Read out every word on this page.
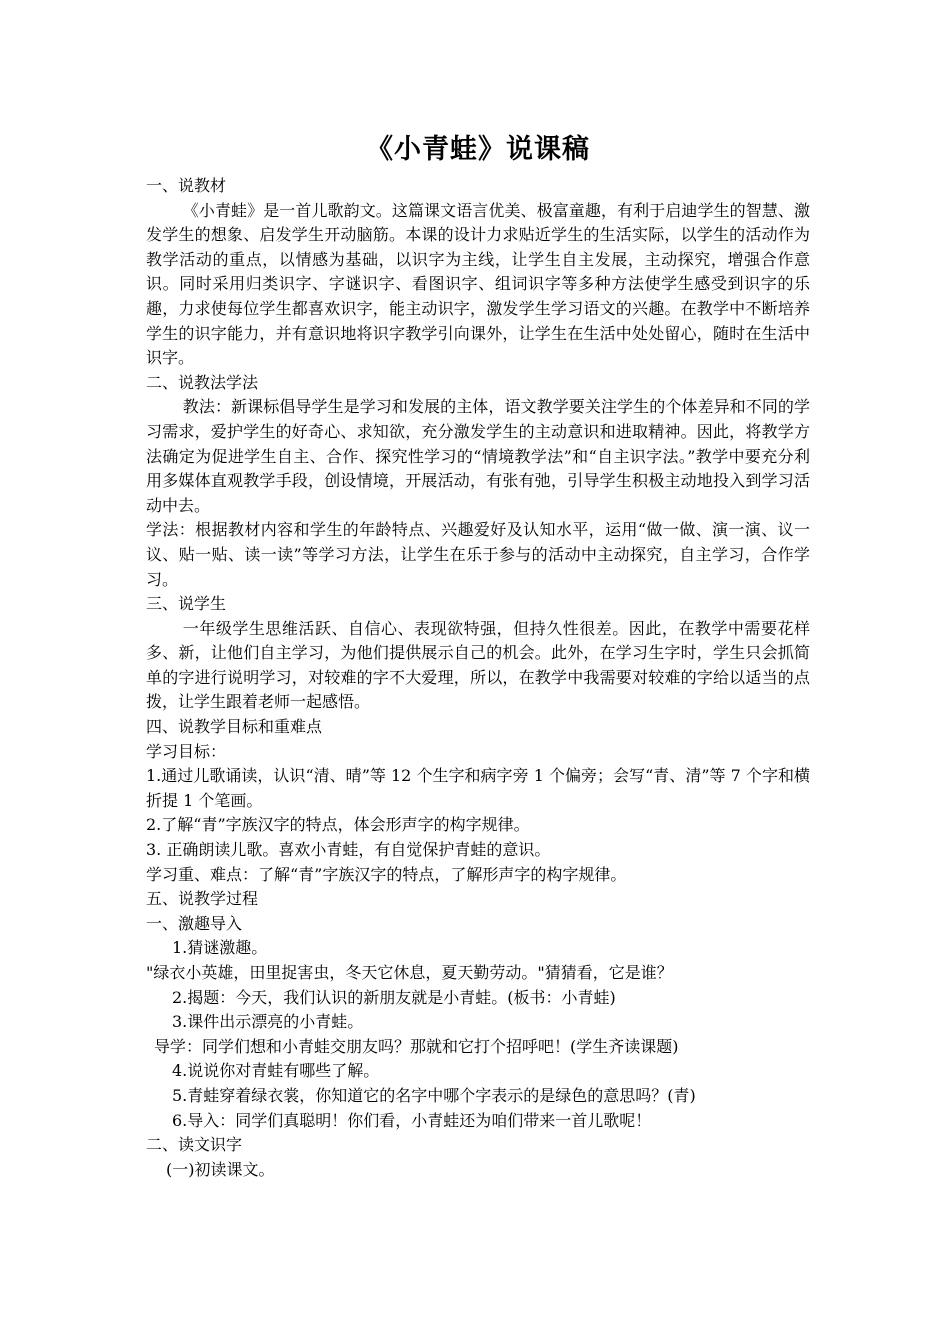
《小青蛙》说课稿

一、说教材

《小青蛙》是一首儿歌韵文。这篇课文语言优美、极富童趣，有利于启迪学生的智慧、激发学生的想象、启发学生开动脑筋。本课的设计力求贴近学生的生活实际，以学生的活动作为教学活动的重点，以情感为基础，以识字为主线，让学生自主发展，主动探究，增强合作意识。同时采用归类识字、字谜识字、看图识字、组词识字等多种方法使学生感受到识字的乐趣，力求使每位学生都喜欢识字，能主动识字，激发学生学习语文的兴趣。在教学中不断培养学生的识字能力，并有意识地将识字教学引向课外，让学生在生活中处处留心，随时在生活中识字。

二、说教法学法

教法：新课标倡导学生是学习和发展的主体，语文教学要关注学生的个体差异和不同的学习需求，爱护学生的好奇心、求知欲，充分激发学生的主动意识和进取精神。因此，将教学方法确定为促进学生自主、合作、探究性学习的“情境教学法”和“自主识字法。”教学中要充分利用多媒体直观教学手段，创设情境，开展活动，有张有弛，引导学生积极主动地投入到学习活动中去。

学法：根据教材内容和学生的年龄特点、兴趣爱好及认知水平，运用“做一做、演一演、议一议、贴一贴、读一读”等学习方法，让学生在乐于参与的活动中主动探究，自主学习，合作学习。

三、说学生

一年级学生思维活跃、自信心、表现欲特强，但持久性很差。因此，在教学中需要花样多、新，让他们自主学习，为他们提供展示自己的机会。此外，在学习生字时，学生只会抓简单的字进行说明学习，对较难的字不大爱理，所以，在教学中我需要对较难的字给以适当的点拨，让学生跟着老师一起感悟。

四、说教学目标和重难点

学习目标：

1.通过儿歌诵读，认识“清、晴”等 12 个生字和病字旁 1 个偏旁；会写“青、清”等 7 个字和横折提 1 个笔画。

2.了解“青”字族汉字的特点，体会形声字的构字规律。

3. 正确朗读儿歌。喜欢小青蛙，有自觉保护青蛙的意识。

学习重、难点：了解“青”字族汉字的特点，了解形声字的构字规律。

五、说教学过程

一、激趣导入

1.猜谜激趣。

"绿衣小英雄，田里捉害虫，冬天它休息，夏天勤劳动。"猜猜看，它是谁？

2.揭题：今天，我们认识的新朋友就是小青蛙。(板书：小青蛙)

3.课件出示漂亮的小青蛙。

导学：同学们想和小青蛙交朋友吗？那就和它打个招呼吧！(学生齐读课题)

4.说说你对青蛙有哪些了解。

5.青蛙穿着绿衣裳，你知道它的名字中哪个字表示的是绿色的意思吗？(青)

6.导入：同学们真聪明！你们看，小青蛙还为咱们带来一首儿歌呢！

二、读文识字

(一)初读课文。
